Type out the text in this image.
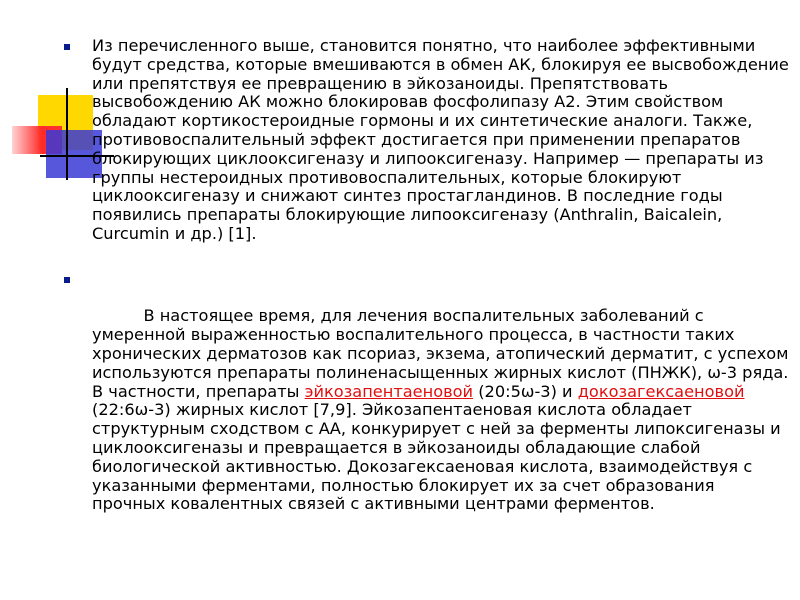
Из перечисленного выше, становится понятно, что наиболее эффективными будут средства, которые вмешиваются в обмен АК, блокируя ее высвобождение или препятствуя ее превращению в эйкозаноиды. Препятствовать высвобождению АК можно блокировав фосфолипазу А2. Этим свойством обладают кортикостероидные гормоны и их синтетические аналоги. Также, противовоспалительный эффект достигается при применении препаратов блокирующих циклооксигеназу и липооксигеназу. Например — препараты из группы нестероидных противовоспалительных, которые блокируют циклооксигеназу и снижают синтез простагландинов. В последние годы появились препараты блокирующие липооксигеназу (Anthralin, Baicalein, Curcumin и др.) [1].

В настоящее время, для лечения воспалительных заболеваний с умеренной выраженностью воспалительного процесса, в частности таких хронических дерматозов как псориаз, экзема, атопический дерматит, с успехом используются препараты полиненасыщенных жирных кислот (ПНЖК), ω-3 ряда. В частности, препараты эйкозапентаеновой (20:5ω-3) и докозагексаеновой (22:6ω-3) жирных кислот [7,9]. Эйкозапентаеновая кислота обладает структурным сходством с АА, конкурирует с ней за ферменты липоксигеназы и циклооксигеназы и превращается в эйкозаноиды обладающие слабой биологической активностью. Докозагексаеновая кислота, взаимодействуя с указанными ферментами, полностью блокирует их за счет образования прочных ковалентных связей с активными центрами ферментов.
